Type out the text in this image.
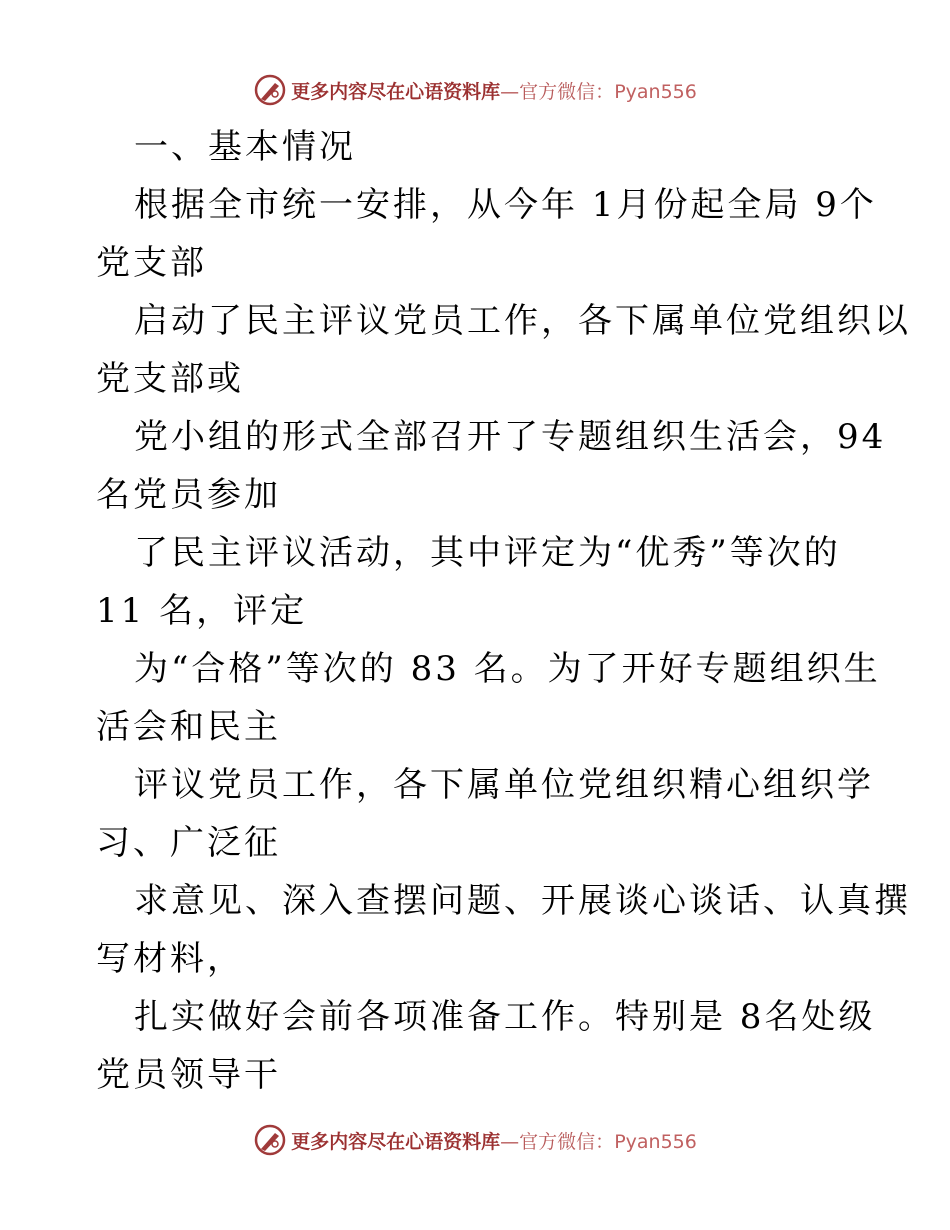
更多内容尽在心语资料库—官方微信：Pyan556
一、基本情况
根据全市统一安排，从今年 1月份起全局 9个
党支部
启动了民主评议党员工作，各下属单位党组织以
党支部或
党小组的形式全部召开了专题组织生活会，94
名党员参加
了民主评议活动，其中评定为“优秀”等次的
11 名，评定
为“合格”等次的 83 名。为了开好专题组织生
活会和民主
评议党员工作，各下属单位党组织精心组织学
习、广泛征
求意见、深入查摆问题、开展谈心谈话、认真撰
写材料，
扎实做好会前各项准备工作。特别是 8名处级
党员领导干
更多内容尽在心语资料库—官方微信：Pyan556
